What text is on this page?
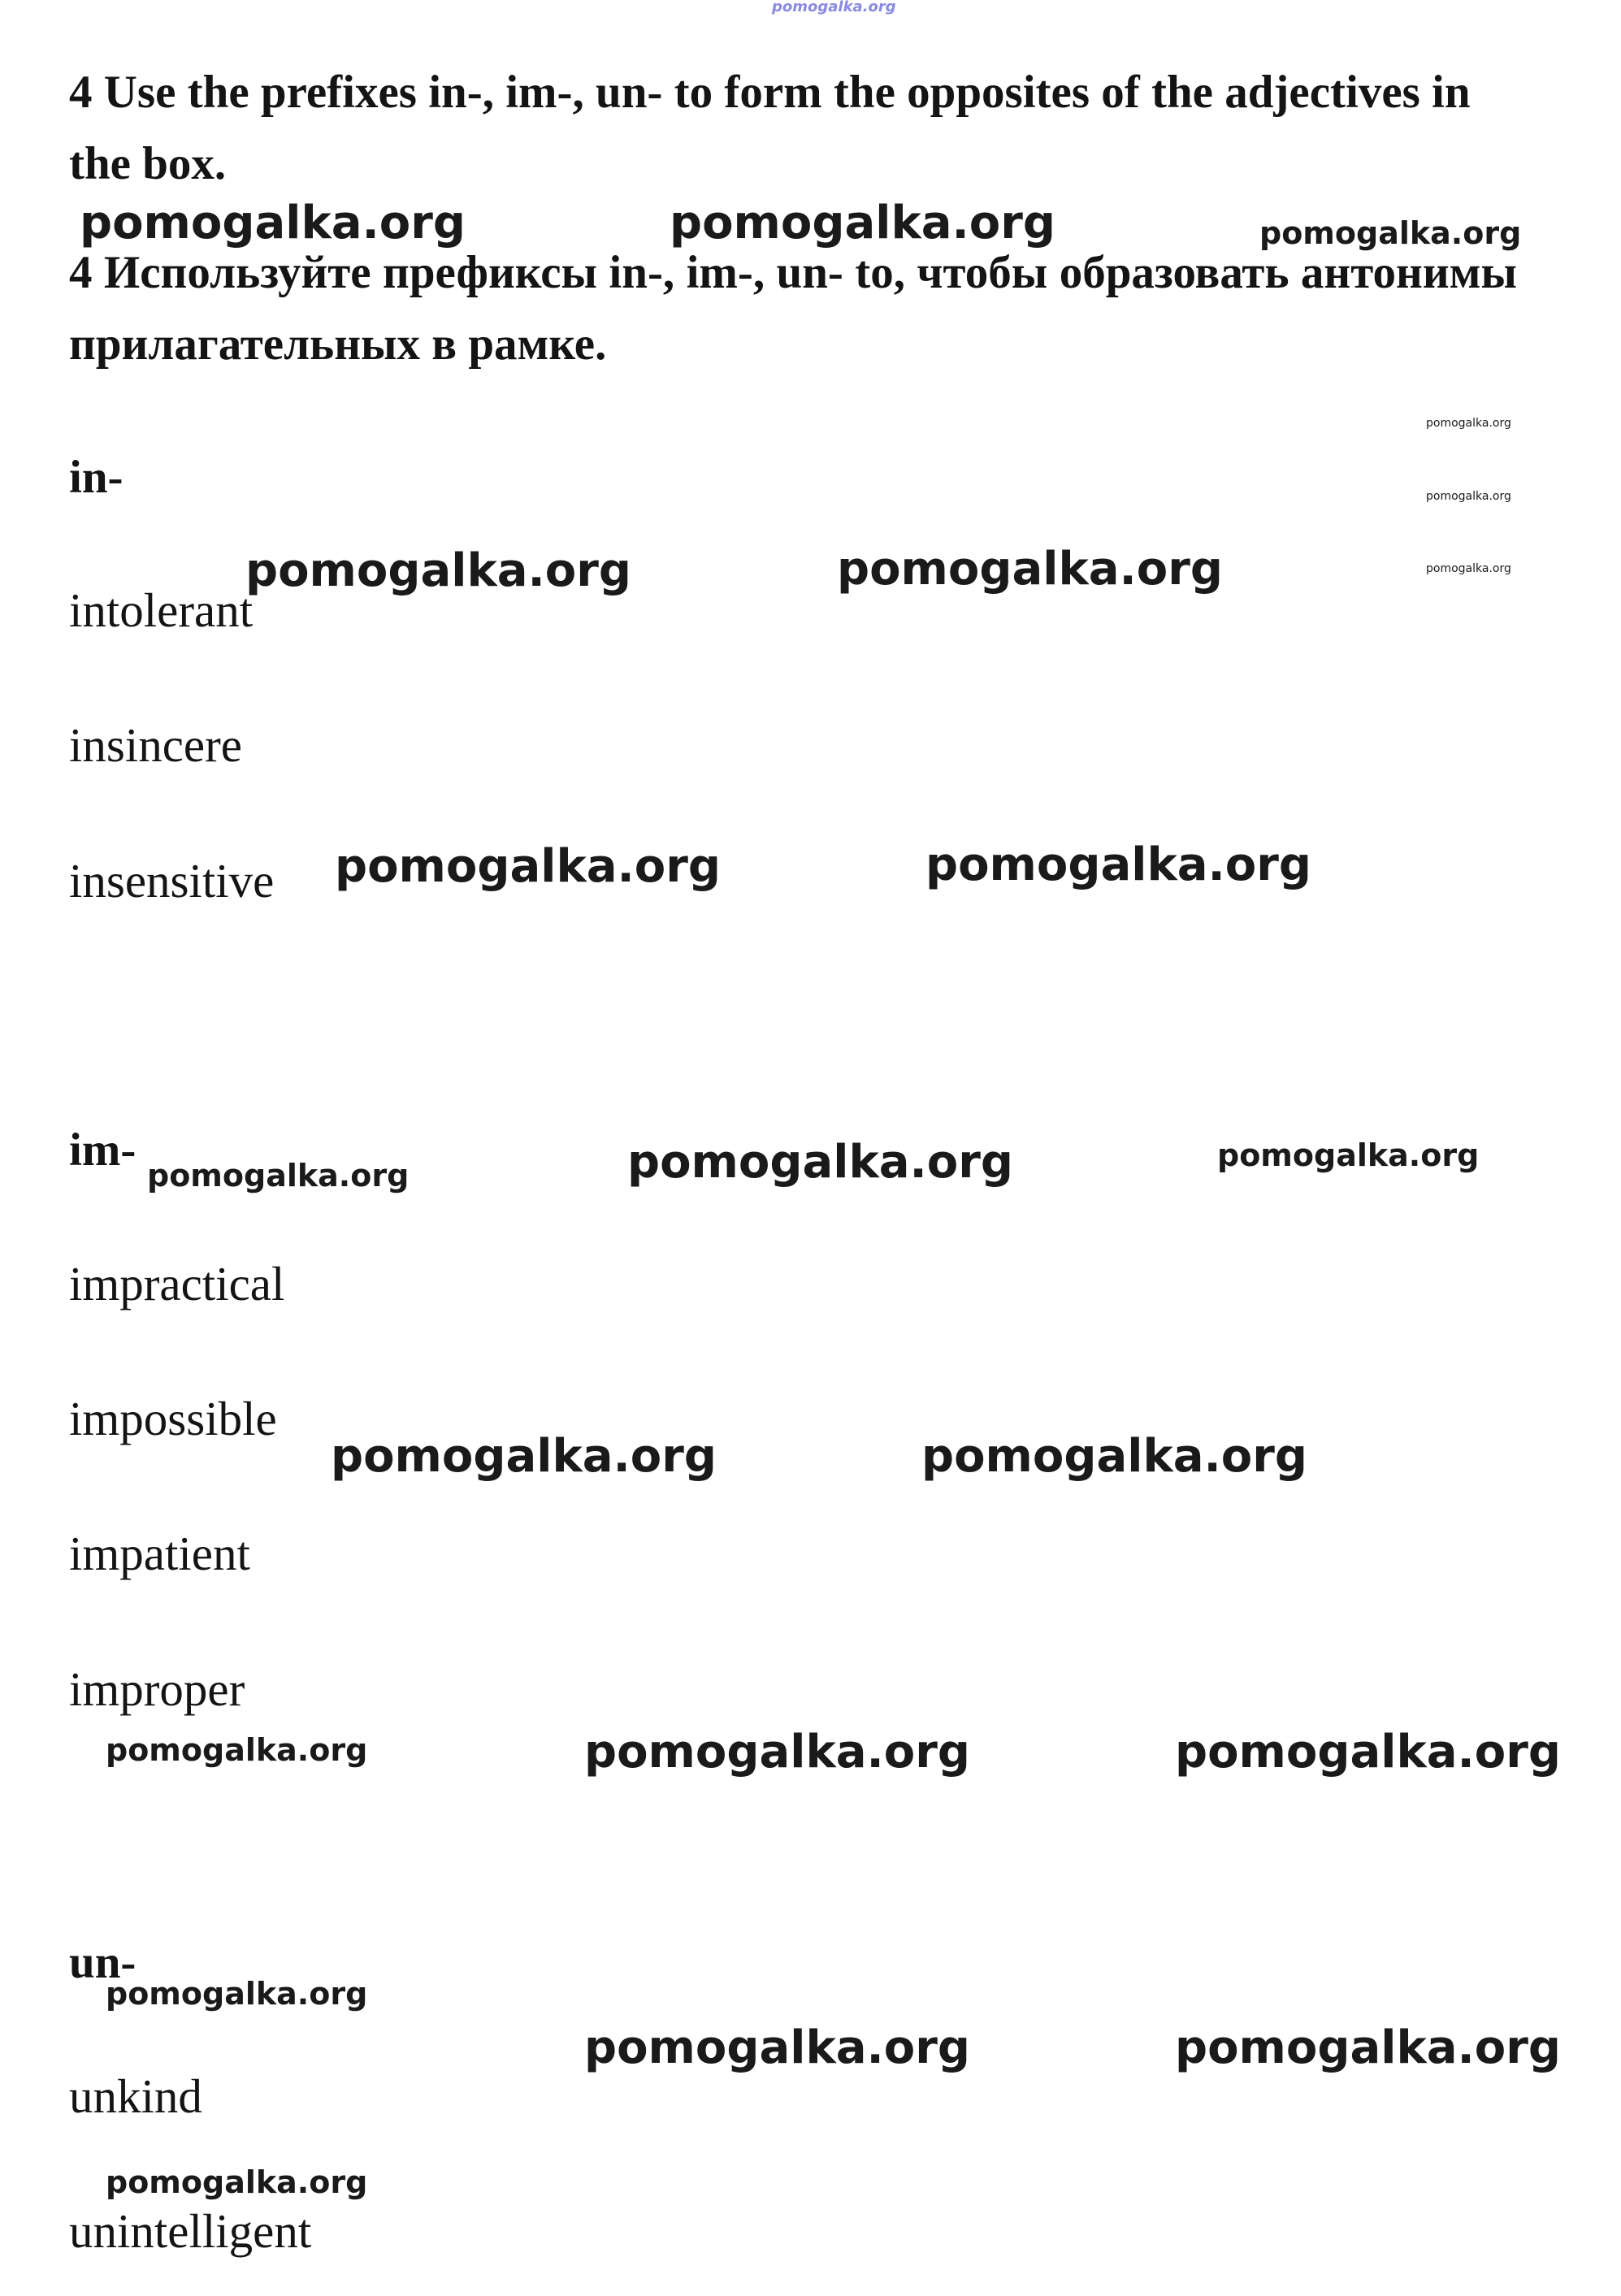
pomogalka.org

4 Use the prefixes in-, im-, un- to form the opposites of the adjectives in the box.

4 Используйте префиксы in-, im-, un- to, чтобы образовать антонимы прилагательных в рамке.

in-

intolerant

insincere

insensitive

im-

impractical

impossible

impatient

improper

un-

unkind

unintelligent

pomogalka.org	pomogalka.org	pomogalka.org
pomogalka.org
pomogalka.org
pomogalka.org
pomogalka.org	pomogalka.org
pomogalka.org	pomogalka.org
pomogalka.org	pomogalka.org	pomogalka.org
pomogalka.org	pomogalka.org
pomogalka.org	pomogalka.org	pomogalka.org
pomogalka.org
pomogalka.org	pomogalka.org
pomogalka.org
